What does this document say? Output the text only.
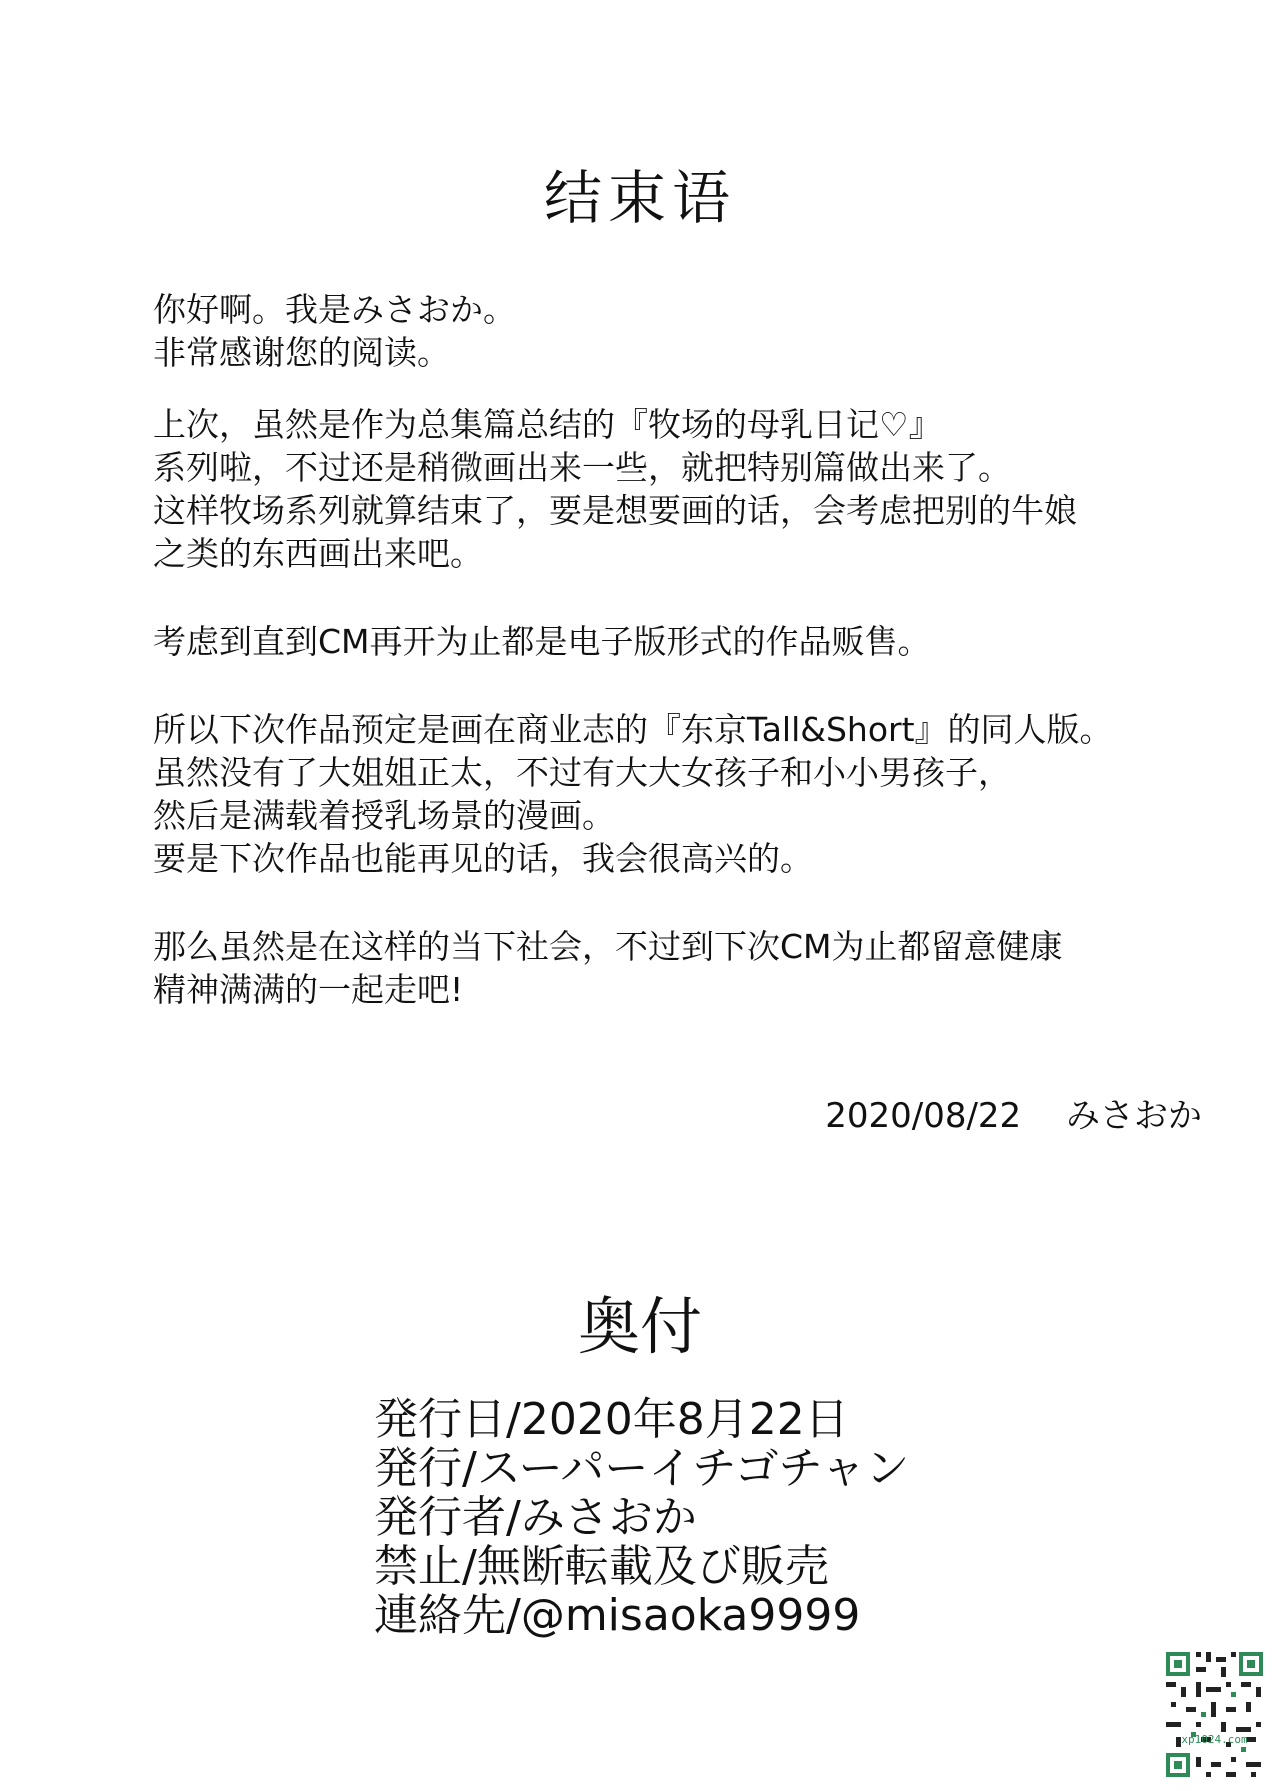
结束语

你好啊。我是みさおか。

非常感谢您的阅读。

上次，虽然是作为总集篇总结的『牧场的母乳日记♡』

系列啦，不过还是稍微画出来一些，就把特别篇做出来了。

这样牧场系列就算结束了，要是想要画的话，会考虑把别的牛娘

之类的东西画出来吧。

考虑到直到CM再开为止都是电子版形式的作品贩售。

所以下次作品预定是画在商业志的『东京Tall&Short』的同人版。

虽然没有了大姐姐正太，不过有大大女孩子和小小男孩子，

然后是满载着授乳场景的漫画。

要是下次作品也能再见的话，我会很高兴的。

那么虽然是在这样的当下社会，不过到下次CM为止都留意健康

精神满满的一起走吧!

2020/08/22　 みさおか
奥付
発行日/2020年8月22日
発行/スーパーイチゴチャン
発行者/みさおか
禁止/無断転載及び販売
連絡先/@misaoka9999
xp1024.com
